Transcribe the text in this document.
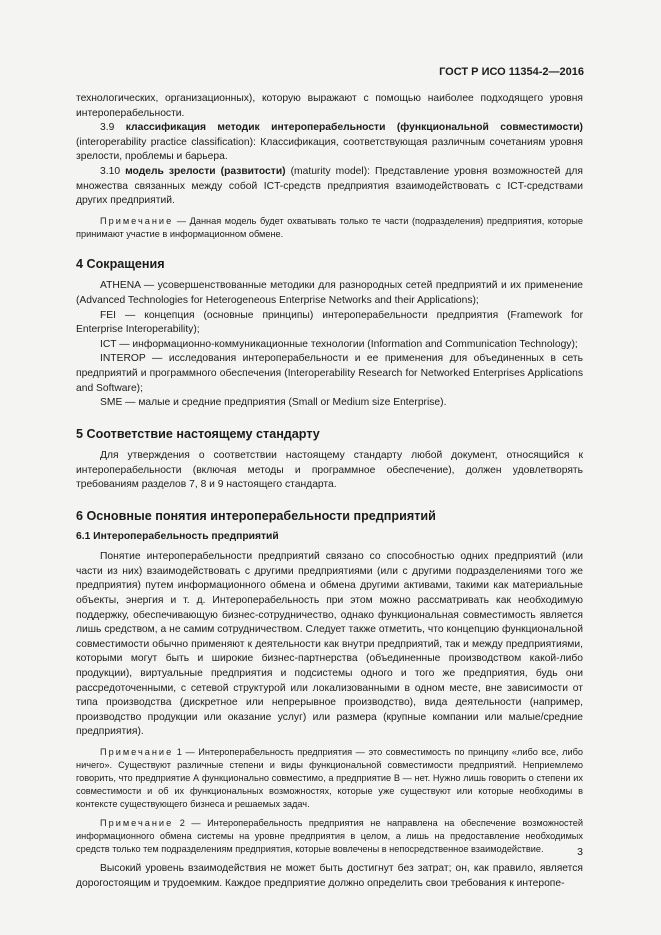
ГОСТ Р ИСО 11354-2—2016

технологических, организационных), которую выражают с помощью наиболее подходящего уровня интероперабельности.

3.9 классификация методик интероперабельности (функциональной совместимости) (interoperability practice classification): Классификация, соответствующая различным сочетаниям уровня зрелости, проблемы и барьера.

3.10 модель зрелости (развитости) (maturity model): Представление уровня возможностей для множества связанных между собой ICT-средств предприятия взаимодействовать с ICT-средствами других предприятий.

Примечание — Данная модель будет охватывать только те части (подразделения) предприятия, которые принимают участие в информационном обмене.

4 Сокращения

ATHENA — усовершенствованные методики для разнородных сетей предприятий и их применение (Advanced Technologies for Heterogeneous Enterprise Networks and their Applications);

FEI — концепция (основные принципы) интероперабельности предприятия (Framework for Enterprise Interoperability);

ICT — информационно-коммуникационные технологии (Information and Communication Technology);

INTEROP — исследования интероперабельности и ее применения для объединенных в сеть предприятий и программного обеспечения (Interoperability Research for Networked Enterprises Applications and Software);

SME — малые и средние предприятия (Small or Medium size Enterprise).

5 Соответствие настоящему стандарту

Для утверждения о соответствии настоящему стандарту любой документ, относящийся к интероперабельности (включая методы и программное обеспечение), должен удовлетворять требованиям разделов 7, 8 и 9 настоящего стандарта.

6 Основные понятия интероперабельности предприятий

6.1 Интероперабельность предприятий

Понятие интероперабельности предприятий связано со способностью одних предприятий (или части из них) взаимодействовать с другими предприятиями (или с другими подразделениями того же предприятия) путем информационного обмена и обмена другими активами, такими как материальные объекты, энергия и т. д. Интероперабельность при этом можно рассматривать как необходимую поддержку, обеспечивающую бизнес-сотрудничество, однако функциональная совместимость является лишь средством, а не самим сотрудничеством. Следует также отметить, что концепцию функциональной совместимости обычно применяют к деятельности как внутри предприятий, так и между предприятиями, которыми могут быть и широкие бизнес-партнерства (объединенные производством какой-либо продукции), виртуальные предприятия и подсистемы одного и того же предприятия, будь они рассредоточенными, с сетевой структурой или локализованными в одном месте, вне зависимости от типа производства (дискретное или непрерывное производство), вида деятельности (например, производство продукции или оказание услуг) или размера (крупные компании или малые/средние предприятия).

Примечание 1 — Интероперабельность предприятия — это совместимость по принципу «либо все, либо ничего». Существуют различные степени и виды функциональной совместимости предприятий. Неприемлемо говорить, что предприятие А функционально совместимо, а предприятие В — нет. Нужно лишь говорить о степени их совместимости и об их функциональных возможностях, которые уже существуют или которые необходимы в контексте существующего бизнеса и решаемых задач.

Примечание 2 — Интероперабельность предприятия не направлена на обеспечение возможностей информационного обмена системы на уровне предприятия в целом, а лишь на предоставление необходимых средств только тем подразделениям предприятия, которые вовлечены в непосредственное взаимодействие.

Высокий уровень взаимодействия не может быть достигнут без затрат; он, как правило, является дорогостоящим и трудоемким. Каждое предприятие должно определить свои требования к интеропе-

3
